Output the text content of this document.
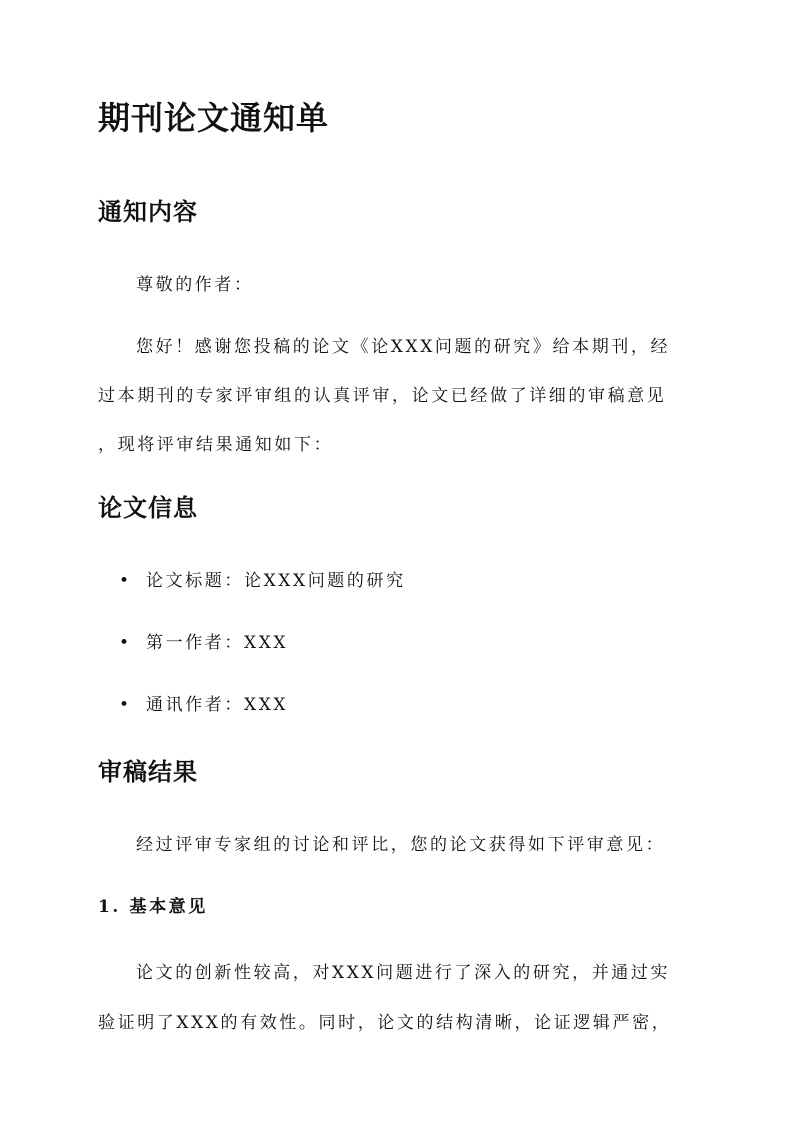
期刊论文通知单
通知内容

尊敬的作者：

您好！感谢您投稿的论文《论XXX问题的研究》给本期刊，经

过本期刊的专家评审组的认真评审，论文已经做了详细的审稿意见

，现将评审结果通知如下：

论文信息
• 论文标题：论XXX问题的研究
• 第一作者：XXX
• 通讯作者：XXX
审稿结果

经过评审专家组的讨论和评比，您的论文获得如下评审意见：

1. 基本意见

论文的创新性较高，对XXX问题进行了深入的研究，并通过实

验证明了XXX的有效性。同时，论文的结构清晰，论证逻辑严密，
